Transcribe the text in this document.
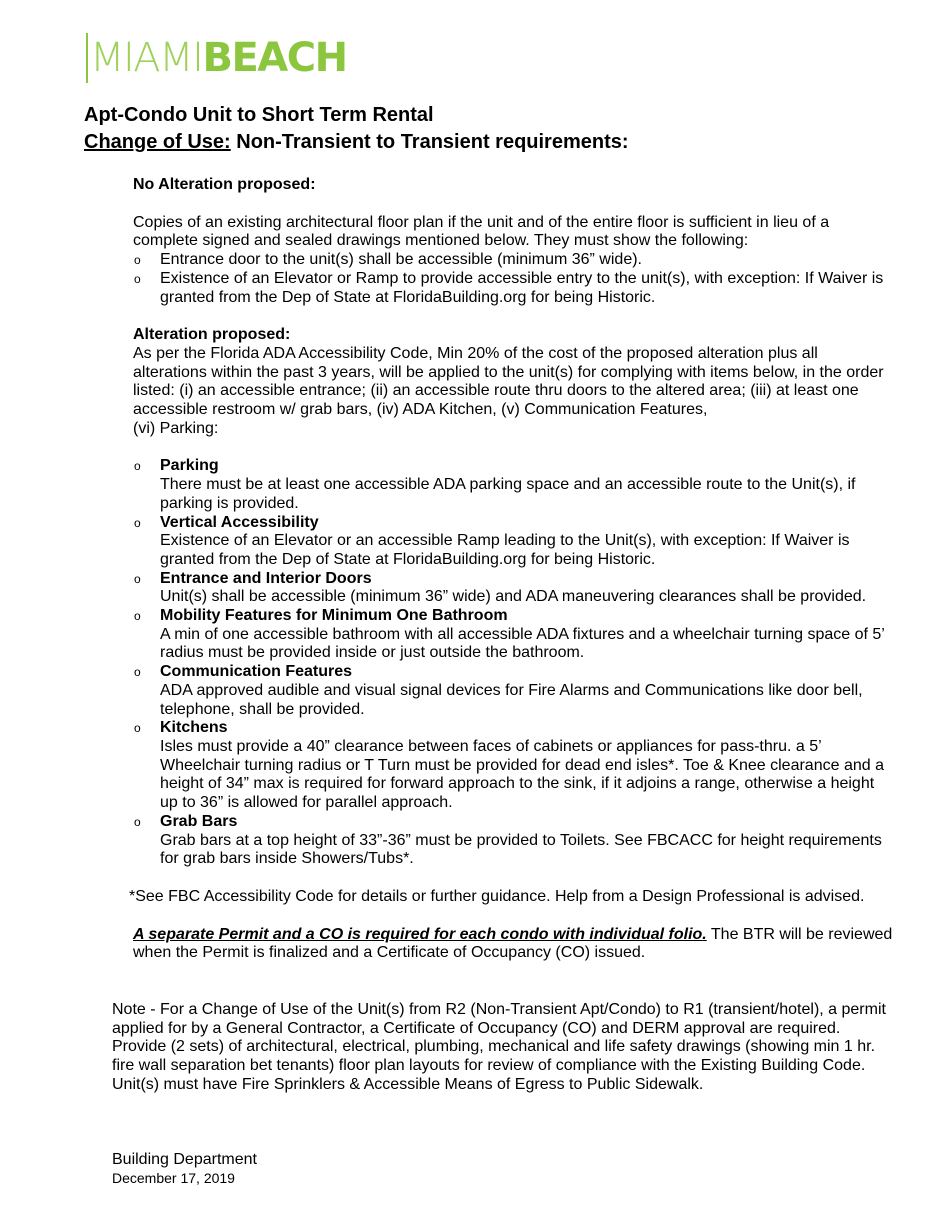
MIAMIBEACH
Apt-Condo Unit to Short Term Rental
Change of Use: Non-Transient to Transient requirements:

No Alteration proposed:

Copies of an existing architectural floor plan if the unit and of the entire floor is sufficient in lieu of a complete signed and sealed drawings mentioned below. They must show the following:

o Entrance door to the unit(s) shall be accessible (minimum 36” wide).
o Existence of an Elevator or Ramp to provide accessible entry to the unit(s), with exception: If Waiver is granted from the Dep of State at FloridaBuilding.org for being Historic.

Alteration proposed:

As per the Florida ADA Accessibility Code, Min 20% of the cost of the proposed alteration plus all alterations within the past 3 years, will be applied to the unit(s) for complying with items below, in the order listed: (i) an accessible entrance; (ii) an accessible route thru doors to the altered area; (iii) at least one accessible restroom w/ grab bars, (iv) ADA Kitchen, (v) Communication Features,

(vi) Parking:

o Parking
There must be at least one accessible ADA parking space and an accessible route to the Unit(s), if parking is provided.
o Vertical Accessibility
Existence of an Elevator or an accessible Ramp leading to the Unit(s), with exception: If Waiver is granted from the Dep of State at FloridaBuilding.org for being Historic.
o Entrance and Interior Doors
Unit(s) shall be accessible (minimum 36” wide) and ADA maneuvering clearances shall be provided.
o Mobility Features for Minimum One Bathroom
A min of one accessible bathroom with all accessible ADA fixtures and a wheelchair turning space of 5’ radius must be provided inside or just outside the bathroom.
o Communication Features
ADA approved audible and visual signal devices for Fire Alarms and Communications like door bell, telephone, shall be provided.
o Kitchens
Isles must provide a 40” clearance between faces of cabinets or appliances for pass-thru. a 5’ Wheelchair turning radius or T Turn must be provided for dead end isles*. Toe & Knee clearance and a height of 34” max is required for forward approach to the sink, if it adjoins a range, otherwise a height up to 36” is allowed for parallel approach.
o Grab Bars
Grab bars at a top height of 33”-36” must be provided to Toilets. See FBCACC for height requirements for grab bars inside Showers/Tubs*.

*See FBC Accessibility Code for details or further guidance. Help from a Design Professional is advised.

A separate Permit and a CO is required for each condo with individual folio. The BTR will be reviewed when the Permit is finalized and a Certificate of Occupancy (CO) issued.

Note - For a Change of Use of the Unit(s) from R2 (Non-Transient Apt/Condo) to R1 (transient/hotel), a permit applied for by a General Contractor, a Certificate of Occupancy (CO) and DERM approval are required. Provide (2 sets) of architectural, electrical, plumbing, mechanical and life safety drawings (showing min 1 hr. fire wall separation bet tenants) floor plan layouts for review of compliance with the Existing Building Code. Unit(s) must have Fire Sprinklers & Accessible Means of Egress to Public Sidewalk.
Building Department
December 17, 2019
